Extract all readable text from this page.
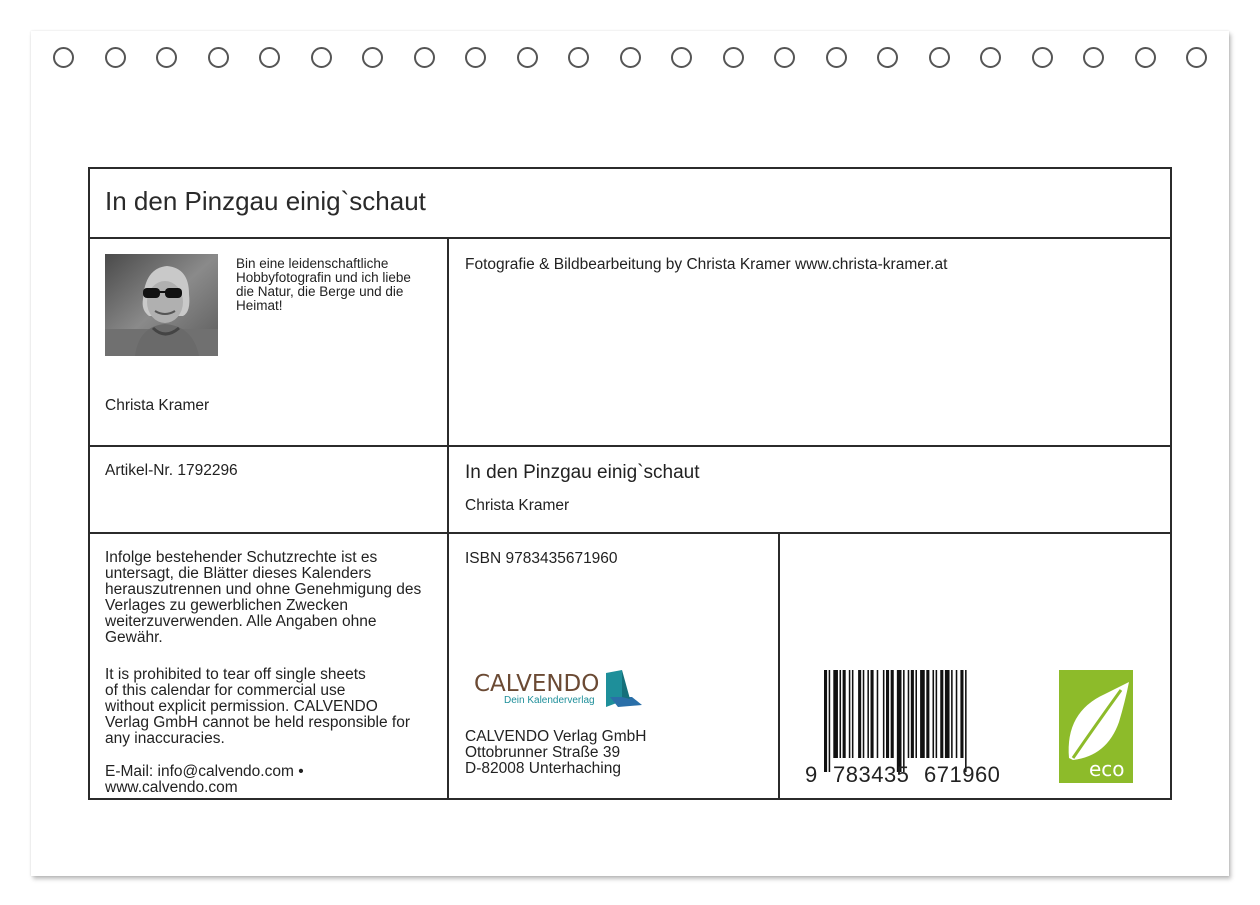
In den Pinzgau einig`schaut
Bin eine leidenschaftliche
Hobbyfotografin und ich liebe
die Natur, die Berge und die
Heimat!
Christa Kramer
Fotografie & Bildbearbeitung by Christa Kramer www.christa-kramer.at
Artikel-Nr. 1792296	In den Pinzgau einig`schaut
Christa Kramer
Infolge bestehender Schutzrechte ist es
untersagt, die Blätter dieses Kalenders
herauszutrennen und ohne Genehmigung des
Verlages zu gewerblichen Zwecken
weiterzuverwenden. Alle Angaben ohne
Gewähr.
It is prohibited to tear off single sheets
of this calendar for commercial use
without explicit permission. CALVENDO
Verlag GmbH cannot be held responsible for
any inaccuracies.
E-Mail: info@calvendo.com •
www.calvendo.com
ISBN 9783435671960
CALVENDO
Dein Kalenderverlag
CALVENDO Verlag GmbH
Ottobrunner Straße 39
D-82008 Unterhaching	9 783435 671960	eco
